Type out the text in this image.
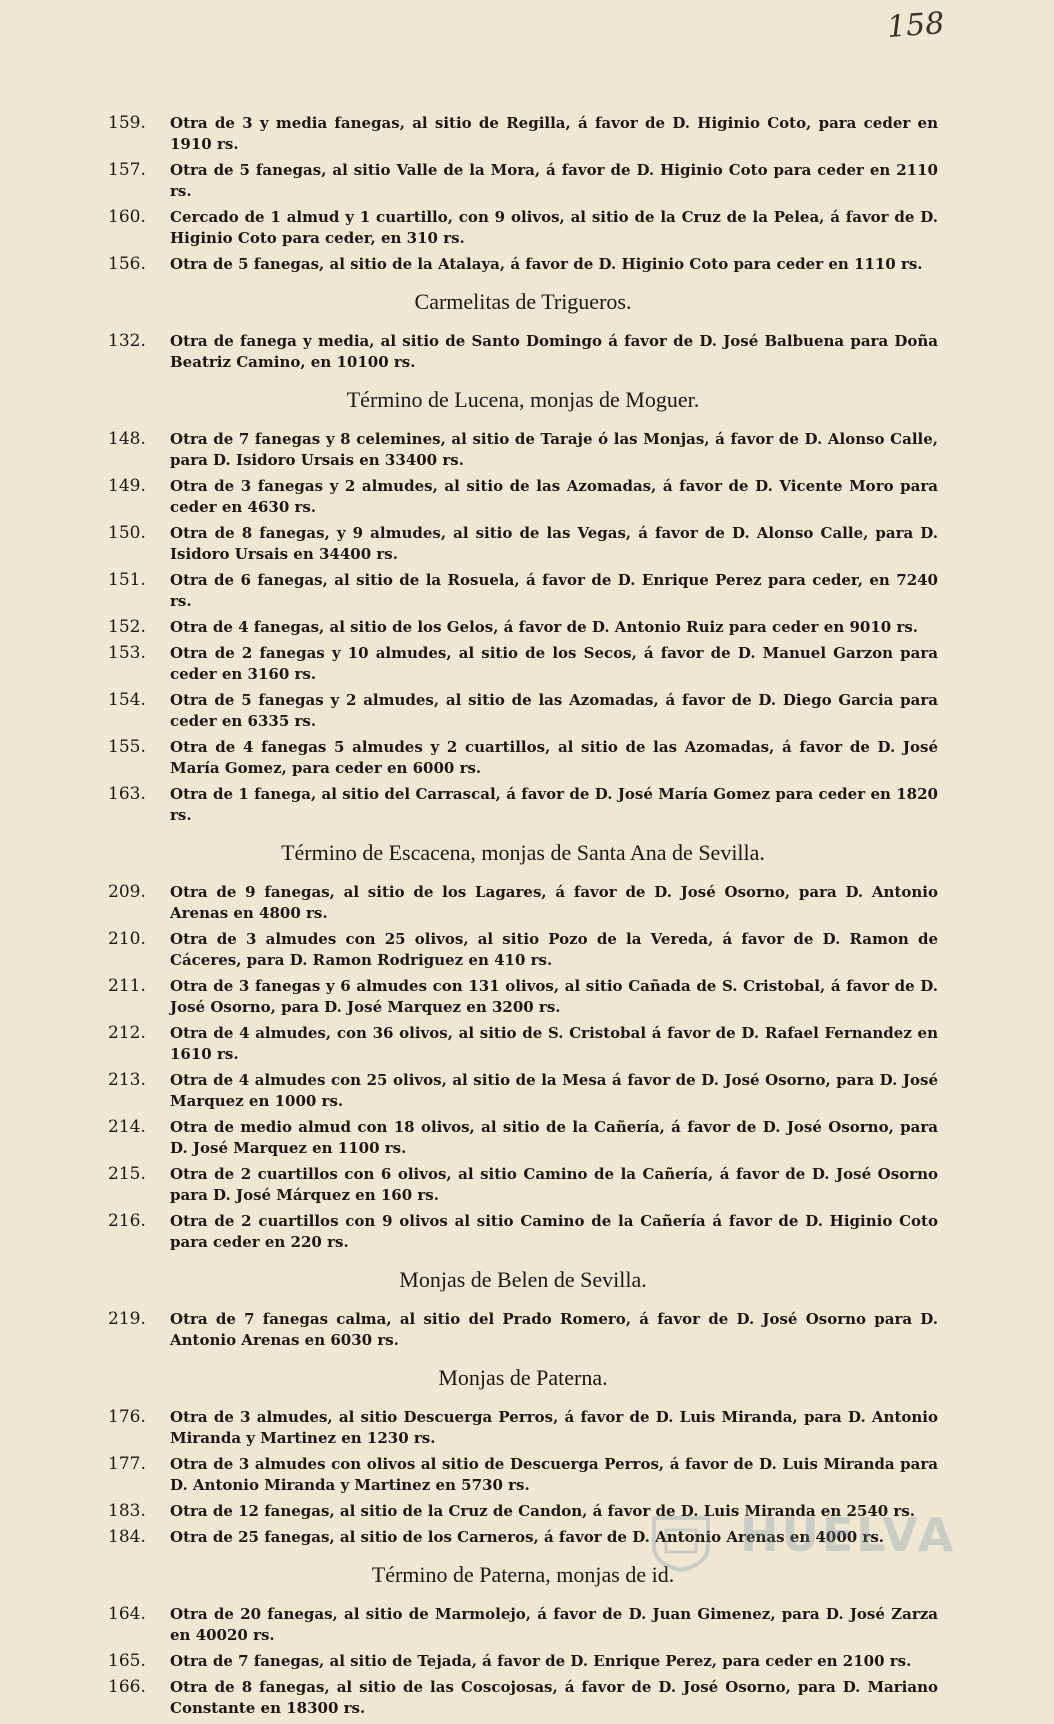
158
159.	Otra de 3 y media fanegas, al sitio de Regilla, á favor de D. Higinio Coto, para ceder en 1910 rs.
157.	Otra de 5 fanegas, al sitio Valle de la Mora, á favor de D. Higinio Coto para ceder en 2110 rs.
160.	Cercado de 1 almud y 1 cuartillo, con 9 olivos, al sitio de la Cruz de la Pelea, á favor de D. Higinio Coto para ceder, en 310 rs.
156.	Otra de 5 fanegas, al sitio de la Atalaya, á favor de D. Higinio Coto para ceder en 1110 rs.
Carmelitas de Trigueros.
132.	Otra de fanega y media, al sitio de Santo Domingo á favor de D. José Balbuena para Doña Beatriz Camino, en 10100 rs.
Término de Lucena, monjas de Moguer.
148.	Otra de 7 fanegas y 8 celemines, al sitio de Taraje ó las Monjas, á favor de D. Alonso Calle, para D. Isidoro Ursais en 33400 rs.
149.	Otra de 3 fanegas y 2 almudes, al sitio de las Azomadas, á favor de D. Vicente Moro para ceder en 4630 rs.
150.	Otra de 8 fanegas, y 9 almudes, al sitio de las Vegas, á favor de D. Alonso Calle, para D. Isidoro Ursais en 34400 rs.
151.	Otra de 6 fanegas, al sitio de la Rosuela, á favor de D. Enrique Perez para ceder, en 7240 rs.
152.	Otra de 4 fanegas, al sitio de los Gelos, á favor de D. Antonio Ruiz para ceder en 9010 rs.
153.	Otra de 2 fanegas y 10 almudes, al sitio de los Secos, á favor de D. Manuel Garzon para ceder en 3160 rs.
154.	Otra de 5 fanegas y 2 almudes, al sitio de las Azomadas, á favor de D. Diego Garcia para ceder en 6335 rs.
155.	Otra de 4 fanegas 5 almudes y 2 cuartillos, al sitio de las Azomadas, á favor de D. José María Gomez, para ceder en 6000 rs.
163.	Otra de 1 fanega, al sitio del Carrascal, á favor de D. José María Gomez para ceder en 1820 rs.
Término de Escacena, monjas de Santa Ana de Sevilla.
209.	Otra de 9 fanegas, al sitio de los Lagares, á favor de D. José Osorno, para D. Antonio Arenas en 4800 rs.
210.	Otra de 3 almudes con 25 olivos, al sitio Pozo de la Vereda, á favor de D. Ramon de Cáceres, para D. Ramon Rodriguez en 410 rs.
211.	Otra de 3 fanegas y 6 almudes con 131 olivos, al sitio Cañada de S. Cristobal, á favor de D. José Osorno, para D. José Marquez en 3200 rs.
212.	Otra de 4 almudes, con 36 olivos, al sitio de S. Cristobal á favor de D. Rafael Fernandez en 1610 rs.
213.	Otra de 4 almudes con 25 olivos, al sitio de la Mesa á favor de D. José Osorno, para D. José Marquez en 1000 rs.
214.	Otra de medio almud con 18 olivos, al sitio de la Cañería, á favor de D. José Osorno, para D. José Marquez en 1100 rs.
215.	Otra de 2 cuartillos con 6 olivos, al sitio Camino de la Cañería, á favor de D. José Osorno para D. José Márquez en 160 rs.
216.	Otra de 2 cuartillos con 9 olivos al sitio Camino de la Cañería á favor de D. Higinio Coto para ceder en 220 rs.
Monjas de Belen de Sevilla.
219.	Otra de 7 fanegas calma, al sitio del Prado Romero, á favor de D. José Osorno para D. Antonio Arenas en 6030 rs.
Monjas de Paterna.
176.	Otra de 3 almudes, al sitio Descuerga Perros, á favor de D. Luis Miranda, para D. Antonio Miranda y Martinez en 1230 rs.
177.	Otra de 3 almudes con olivos al sitio de Descuerga Perros, á favor de D. Luis Miranda para D. Antonio Miranda y Martinez en 5730 rs.
183.	Otra de 12 fanegas, al sitio de la Cruz de Candon, á favor de D. Luis Miranda en 2540 rs.
184.	Otra de 25 fanegas, al sitio de los Carneros, á favor de D. Antonio Arenas en 4000 rs.
Término de Paterna, monjas de id.
164.	Otra de 20 fanegas, al sitio de Marmolejo, á favor de D. Juan Gimenez, para D. José Zarza en 40020 rs.
165.	Otra de 7 fanegas, al sitio de Tejada, á favor de D. Enrique Perez, para ceder en 2100 rs.
166.	Otra de 8 fanegas, al sitio de las Coscojosas, á favor de D. José Osorno, para D. Mariano Constante en 18300 rs.
HUELVA
